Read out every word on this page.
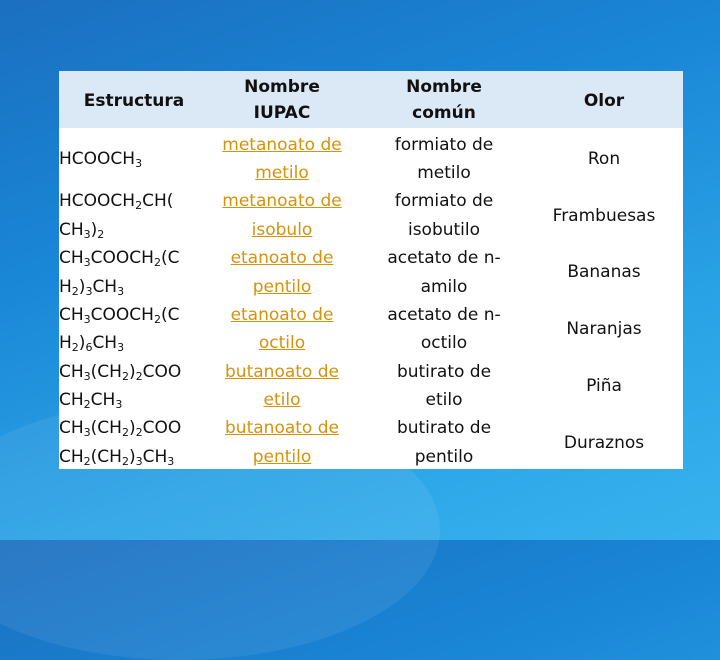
Estructura
Nombre
IUPAC
Nombre
común
Olor
$HCOOCH_3$
metanoato de
metilo
formiato de
metilo
Ron
$HCOOCH_2CH$(
$CH_3)_2$
metanoato de
isobulo
formiato de
isobutilo
Frambuesas
$CH_3COOCH_2(C$
$H_2)_3CH_3$
etanoato de
pentilo
acetato de n-
amilo
Bananas
$CH_3COOCH_2(C$
$H_2)_6CH_3$
etanoato de
octilo
acetato de n-
octilo
Naranjas
$CH_3(CH_2)_2COO$
$CH_2CH_3$
butanoato de
etilo
butirato de
etilo
Piña
$CH_3(CH_2)_2COO$
$CH_2(CH_2)_3CH_3$
butanoato de
pentilo
butirato de
pentilo
Duraznos
